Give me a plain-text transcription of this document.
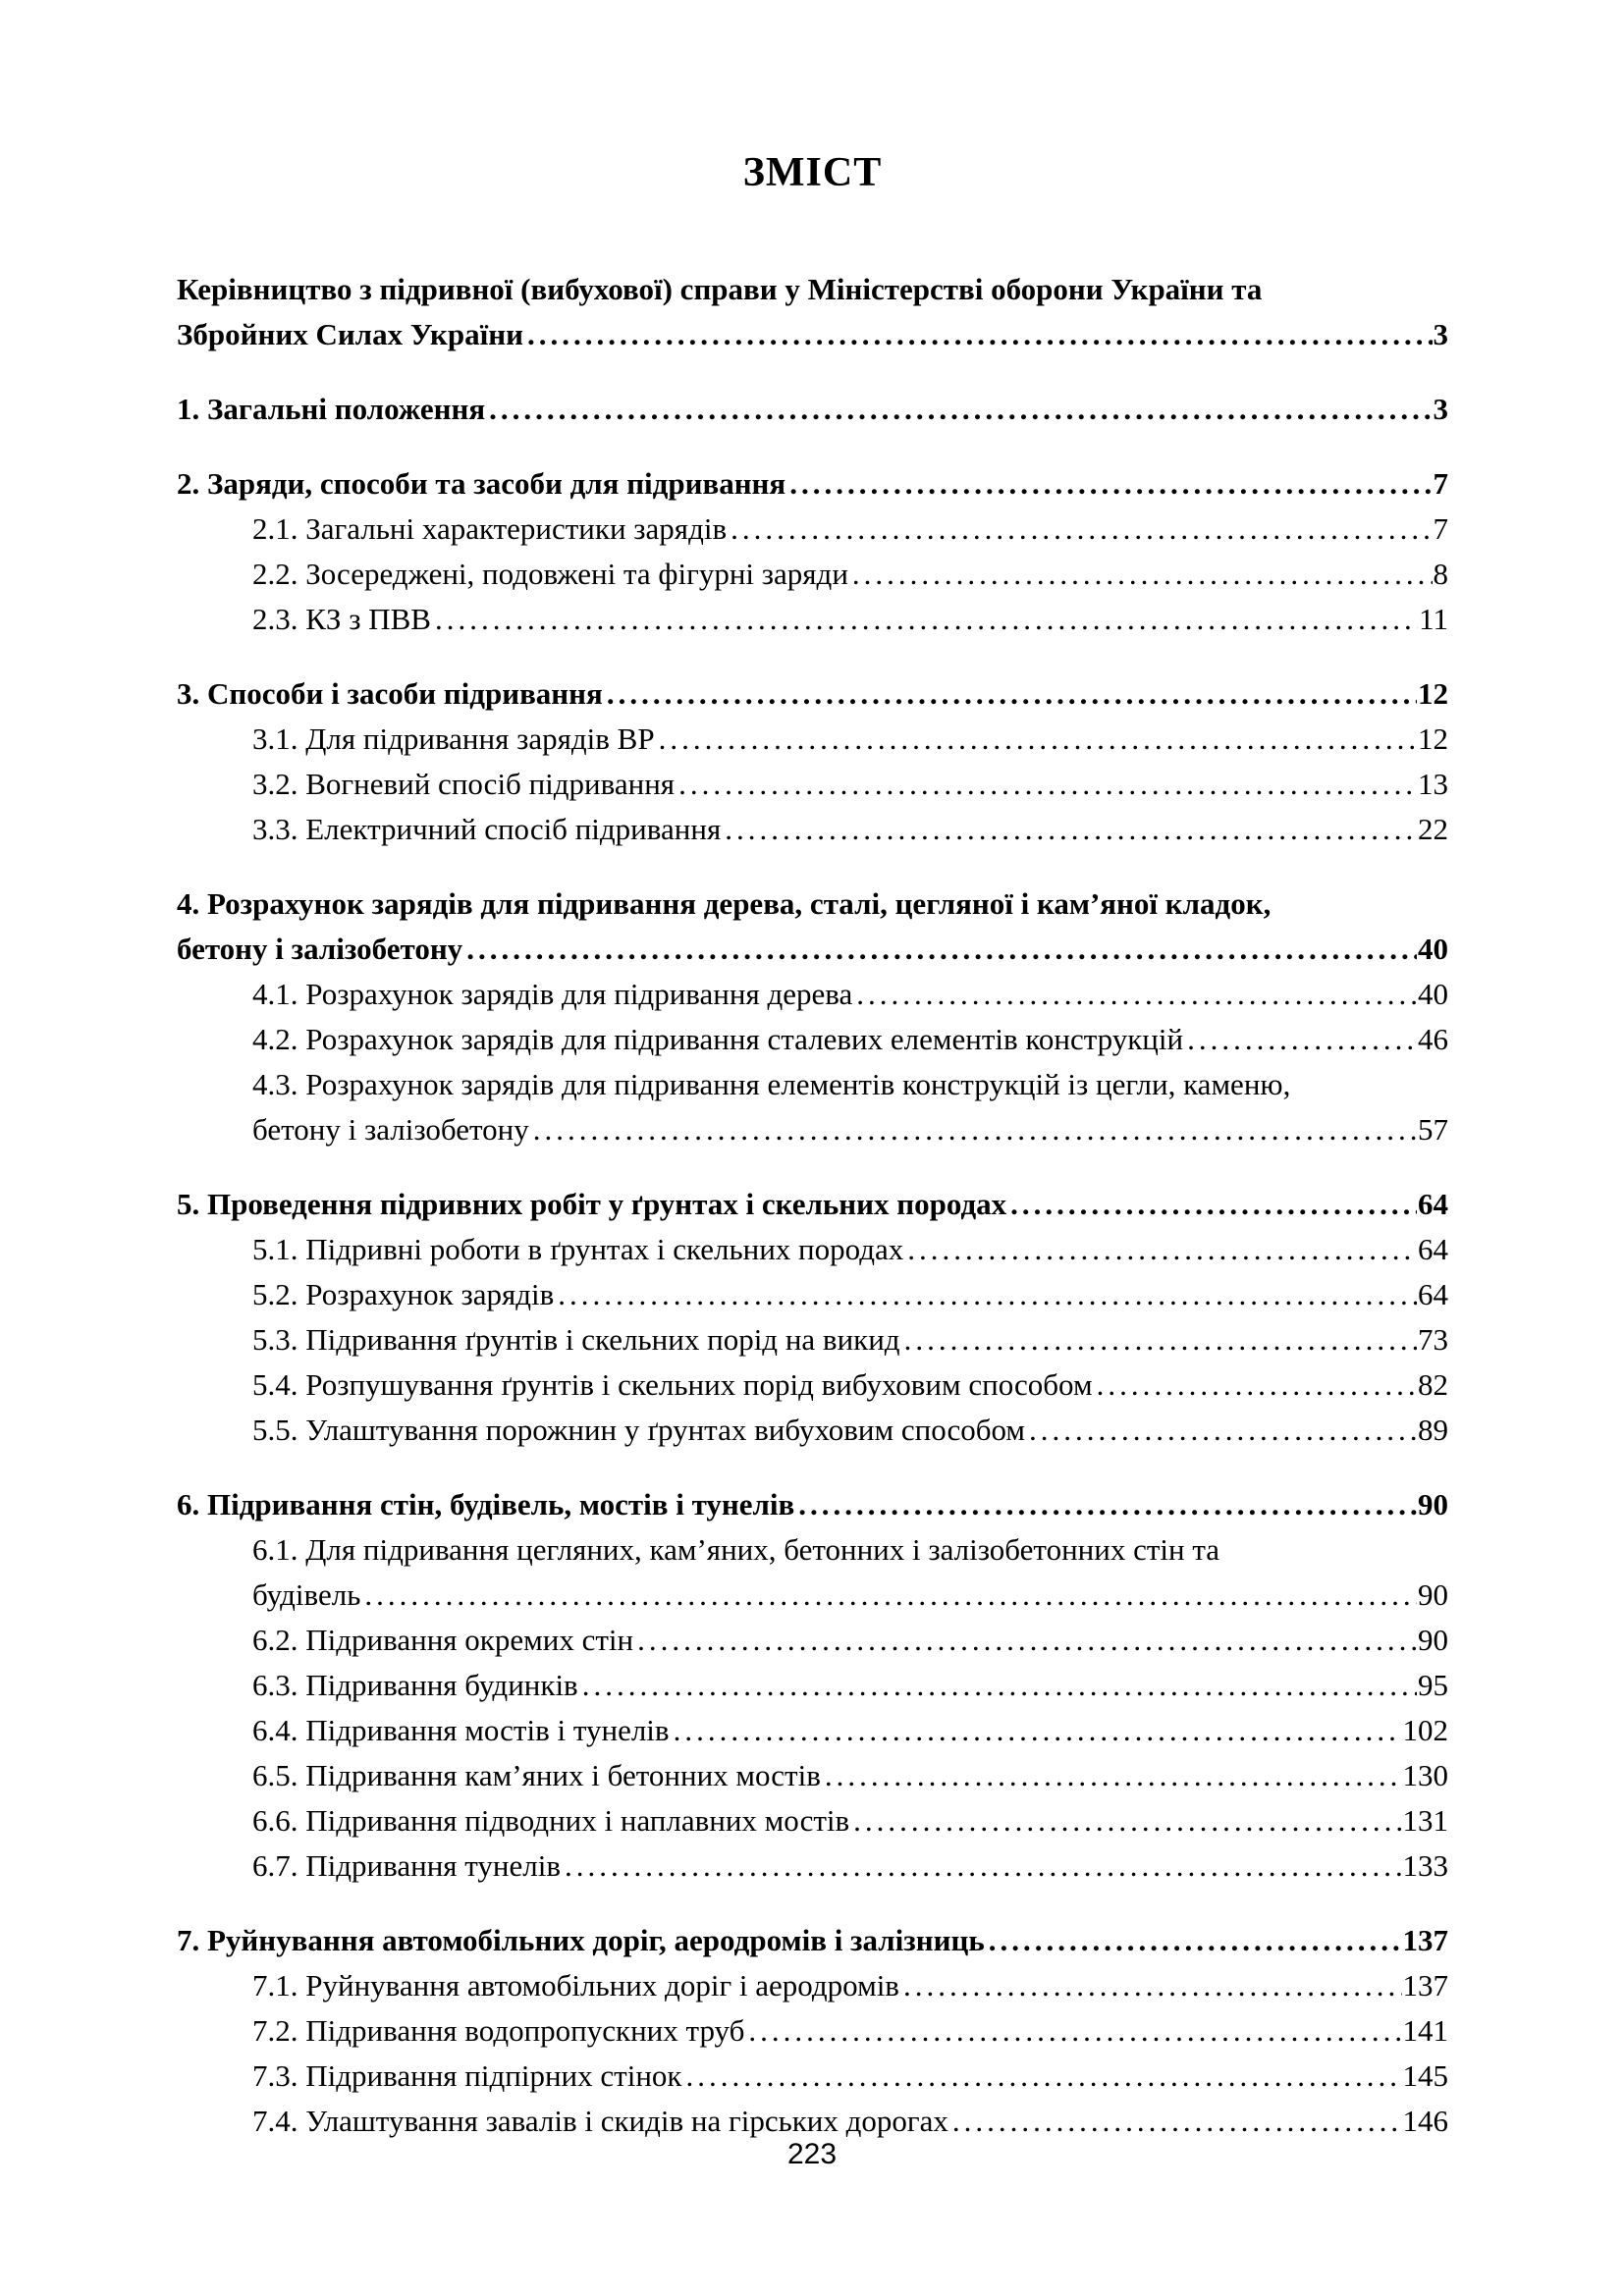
ЗМІСТ
Керівництво з підривної (вибухової) справи у Міністерстві оборони України та
Збройних Силах України .....	3
1. Загальні положення .....	3
2. Заряди, способи та засоби для підривання .....	7
2.1. Загальні характеристики зарядів .....	7
2.2. Зосереджені, подовжені та фігурні заряди .....	8
2.3. КЗ з ПВВ .....	11
3. Способи і засоби підривання .....	12
3.1. Для підривання зарядів ВР .....	12
3.2. Вогневий спосіб підривання .....	13
3.3. Електричний спосіб підривання .....	22
4. Розрахунок зарядів для підривання дерева, сталі, цегляної і кам’яної кладок,
бетону і залізобетону .....	40
4.1. Розрахунок зарядів для підривання дерева .....	40
4.2. Розрахунок зарядів для підривання сталевих елементів конструкцій .....	46
4.3. Розрахунок зарядів для підривання елементів конструкцій із цегли, каменю,
бетону і залізобетону .....	57
5. Проведення підривних робіт у ґрунтах і скельних породах .....	64
5.1. Підривні роботи в ґрунтах і скельних породах .....	64
5.2. Розрахунок зарядів .....	64
5.3. Підривання ґрунтів і скельних порід на викид .....	73
5.4. Розпушування ґрунтів і скельних порід вибуховим способом .....	82
5.5. Улаштування порожнин у ґрунтах вибуховим способом .....	89
6. Підривання стін, будівель, мостів і тунелів .....	90
6.1. Для підривання цегляних, кам’яних, бетонних і залізобетонних стін та
будівель .....	90
6.2. Підривання окремих стін .....	90
6.3. Підривання будинків .....	95
6.4. Підривання мостів і тунелів .....	102
6.5. Підривання кам’яних і бетонних мостів .....	130
6.6. Підривання підводних і наплавних мостів .....	131
6.7. Підривання тунелів .....	133
7. Руйнування автомобільних доріг, аеродромів і залізниць .....	137
7.1. Руйнування автомобільних доріг і аеродромів .....	137
7.2. Підривання водопропускних труб .....	141
7.3. Підривання підпірних стінок .....	145
7.4. Улаштування завалів і скидів на гірських дорогах .....	146
223
